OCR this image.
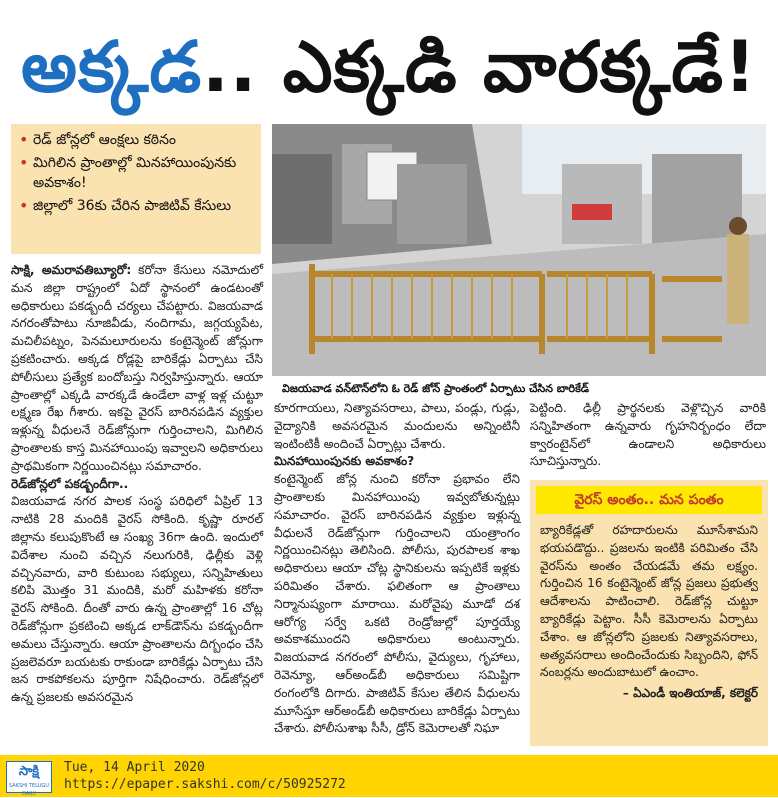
అక్కడ.. ఎక్కడి వారక్కడే!
• రెడ్ జోన్లలో ఆంక్షలు కఠినం
• మిగిలిన ప్రాంతాల్లో మినహాయింపునకు అవకాశం!
• జిల్లాలో 36కు చేరిన పాజిటివ్ కేసులు
విజయవాడ వన్‌టౌన్‌లోని ఓ రెడ్ జోన్ ప్రాంతంలో ఏర్పాటు చేసిన బారికేడ్

సాక్షి, అమరావతిబ్యూరో: కరోనా కేసులు నమోదులో మన జిల్లా రాష్ట్రంలో ఏదో స్థానంలో ఉండటంతో అధికారులు పకడ్బందీ చర్యలు చేపట్టారు. విజయవాడ నగరంతోపాటు నూజివీడు, నందిగామ, జగ్గయ్యపేట, మచిలీపట్నం, పెనమలూరులను కంటైన్మెంట్ జోన్లుగా ప్రకటించారు. అక్కడ రోడ్లపై బారికేడ్లు ఏర్పాటు చేసి పోలీసులు ప్రత్యేక బందోబస్తు నిర్వహిస్తున్నారు. ఆయా ప్రాంతాల్లో ఎక్కడి వారక్కడే ఉండేలా వాళ్ల ఇళ్ల చుట్టూ లక్ష్మణ రేఖ గీశారు. ఇకపై వైరస్ బారినపడిన వ్యక్తుల ఇళ్లున్న వీధులనే రెడ్‌జోన్లుగా గుర్తించాలని, మిగిలిన ప్రాంతాలకు కాస్త మినహాయింపు ఇవ్వాలని అధికారులు ప్రాథమికంగా నిర్ణయించినట్లు సమాచారం.

రెడ్‌జోన్లలో పకడ్బందీగా..

విజయవాడ నగర పాలక సంస్థ పరిధిలో ఏప్రిల్ 13 నాటికి 28 మందికి వైరస్ సోకింది. కృష్ణా రూరల్ జిల్లాను కలుపుకొంటే ఆ సంఖ్య 36గా ఉంది. ఇందులో విదేశాల నుంచి వచ్చిన నలుగురికి, ఢిల్లీకు వెళ్లి వచ్చినవారు, వారి కుటుంబ సభ్యులు, సన్నిహితులు కలిపి మొత్తం 31 మందికి, మరో మహిళకు కరోనా వైరస్ సోకింది. దీంతో వారు ఉన్న ప్రాంతాల్లో 16 చోట్ల రెడ్‌జోన్లుగా ప్రకటించి అక్కడ లాక్‌డౌన్‌ను పకడ్బందీగా అమలు చేస్తున్నారు. ఆయా ప్రాంతాలను దిగ్బంధం చేసి ప్రజలెవరూ బయటకు రాకుండా బారికేడ్లు ఏర్పాటు చేసి జన రాకపోకలను పూర్తిగా నిషేధించారు. రెడ్‌జోన్లలో ఉన్న ప్రజలకు అవసరమైన

కూరగాయలు, నిత్యావసరాలు, పాలు, పండ్లు, గుడ్లు, వైద్యానికి అవసరమైన మందులను అన్నింటినీ ఇంటింటికీ అందించే ఏర్పాట్లు చేశారు.

మినహాయింపునకు అవకాశం?

కంటైన్మెంట్ జోన్ల నుంచి కరోనా ప్రభావం లేని ప్రాంతాలకు మినహాయింపు ఇవ్వబోతున్నట్లు సమాచారం. వైరస్ బారినపడిన వ్యక్తుల ఇళ్లున్న వీధులనే రెడ్‌జోన్లుగా గుర్తించాలని యంత్రాంగం నిర్ణయించినట్లు తెలిసింది. పోలీసు, పురపాలక శాఖ అధికారులు ఆయా చోట్ల స్థానికులను ఇప్పటికే ఇళ్లకు పరిమితం చేశారు. ఫలితంగా ఆ ప్రాంతాలు నిర్మానుష్యంగా మారాయి. మరోవైపు మూడో దశ ఆరోగ్య సర్వే ఒకటి రెండ్రోజుల్లో పూర్తయ్యే అవకాశముందని అధికారులు అంటున్నారు. విజయవాడ నగరంలో పోలీసు, వైద్యులు, గృహాలు, రెవెన్యూ, ఆర్‌అండ్‌బీ అధికారులు సమిష్టిగా రంగంలోకి దిగారు. పాజిటివ్ కేసుల తేలిన వీధులను మూసేస్తూ ఆర్‌అండ్‌బీ అధికారులు బారికేడ్లు ఏర్పాటు చేశారు. పోలీసుశాఖ సీసీ, డ్రోన్ కెమెరాలతో నిఘా

పెట్టింది. ఢిల్లీ ప్రార్థనలకు వెళ్లొచ్చిన వారికి సన్నిహితంగా ఉన్నవారు గృహనిర్బంధం లేదా క్వారంటైన్‌లో ఉండాలని అధికారులు సూచిస్తున్నారు.

వైరస్ అంతం.. మన పంతం
బ్యారికేడ్లతో రహదారులను మూసేశామని భయపడొద్దు.. ప్రజలను ఇంటికి పరిమితం చేసి వైరస్‌ను అంతం చేయడమే తమ లక్ష్యం. గుర్తించిన 16 కంటైన్మెంట్ జోన్ల ప్రజలు ప్రభుత్వ ఆదేశాలను పాటించాలి. రెడ్‌జోన్ల చుట్టూ బ్యారికేడ్లు పెట్టాం. సీసీ కెమెరాలను ఏర్పాటు చేశాం. ఆ జోన్లలోని ప్రజలకు నిత్యావసరాలు, అత్యవసరాలు అందించేందుకు సిబ్బందిని, ఫోన్ నంబర్లను అందుబాటులో ఉంచాం.
– ఏఎండీ ఇంతియాజ్, కలెక్టర్
సాక్షి
SAKSHI TELUGU DAILY
Tue, 14 April 2020
https://epaper.sakshi.com/c/50925272
